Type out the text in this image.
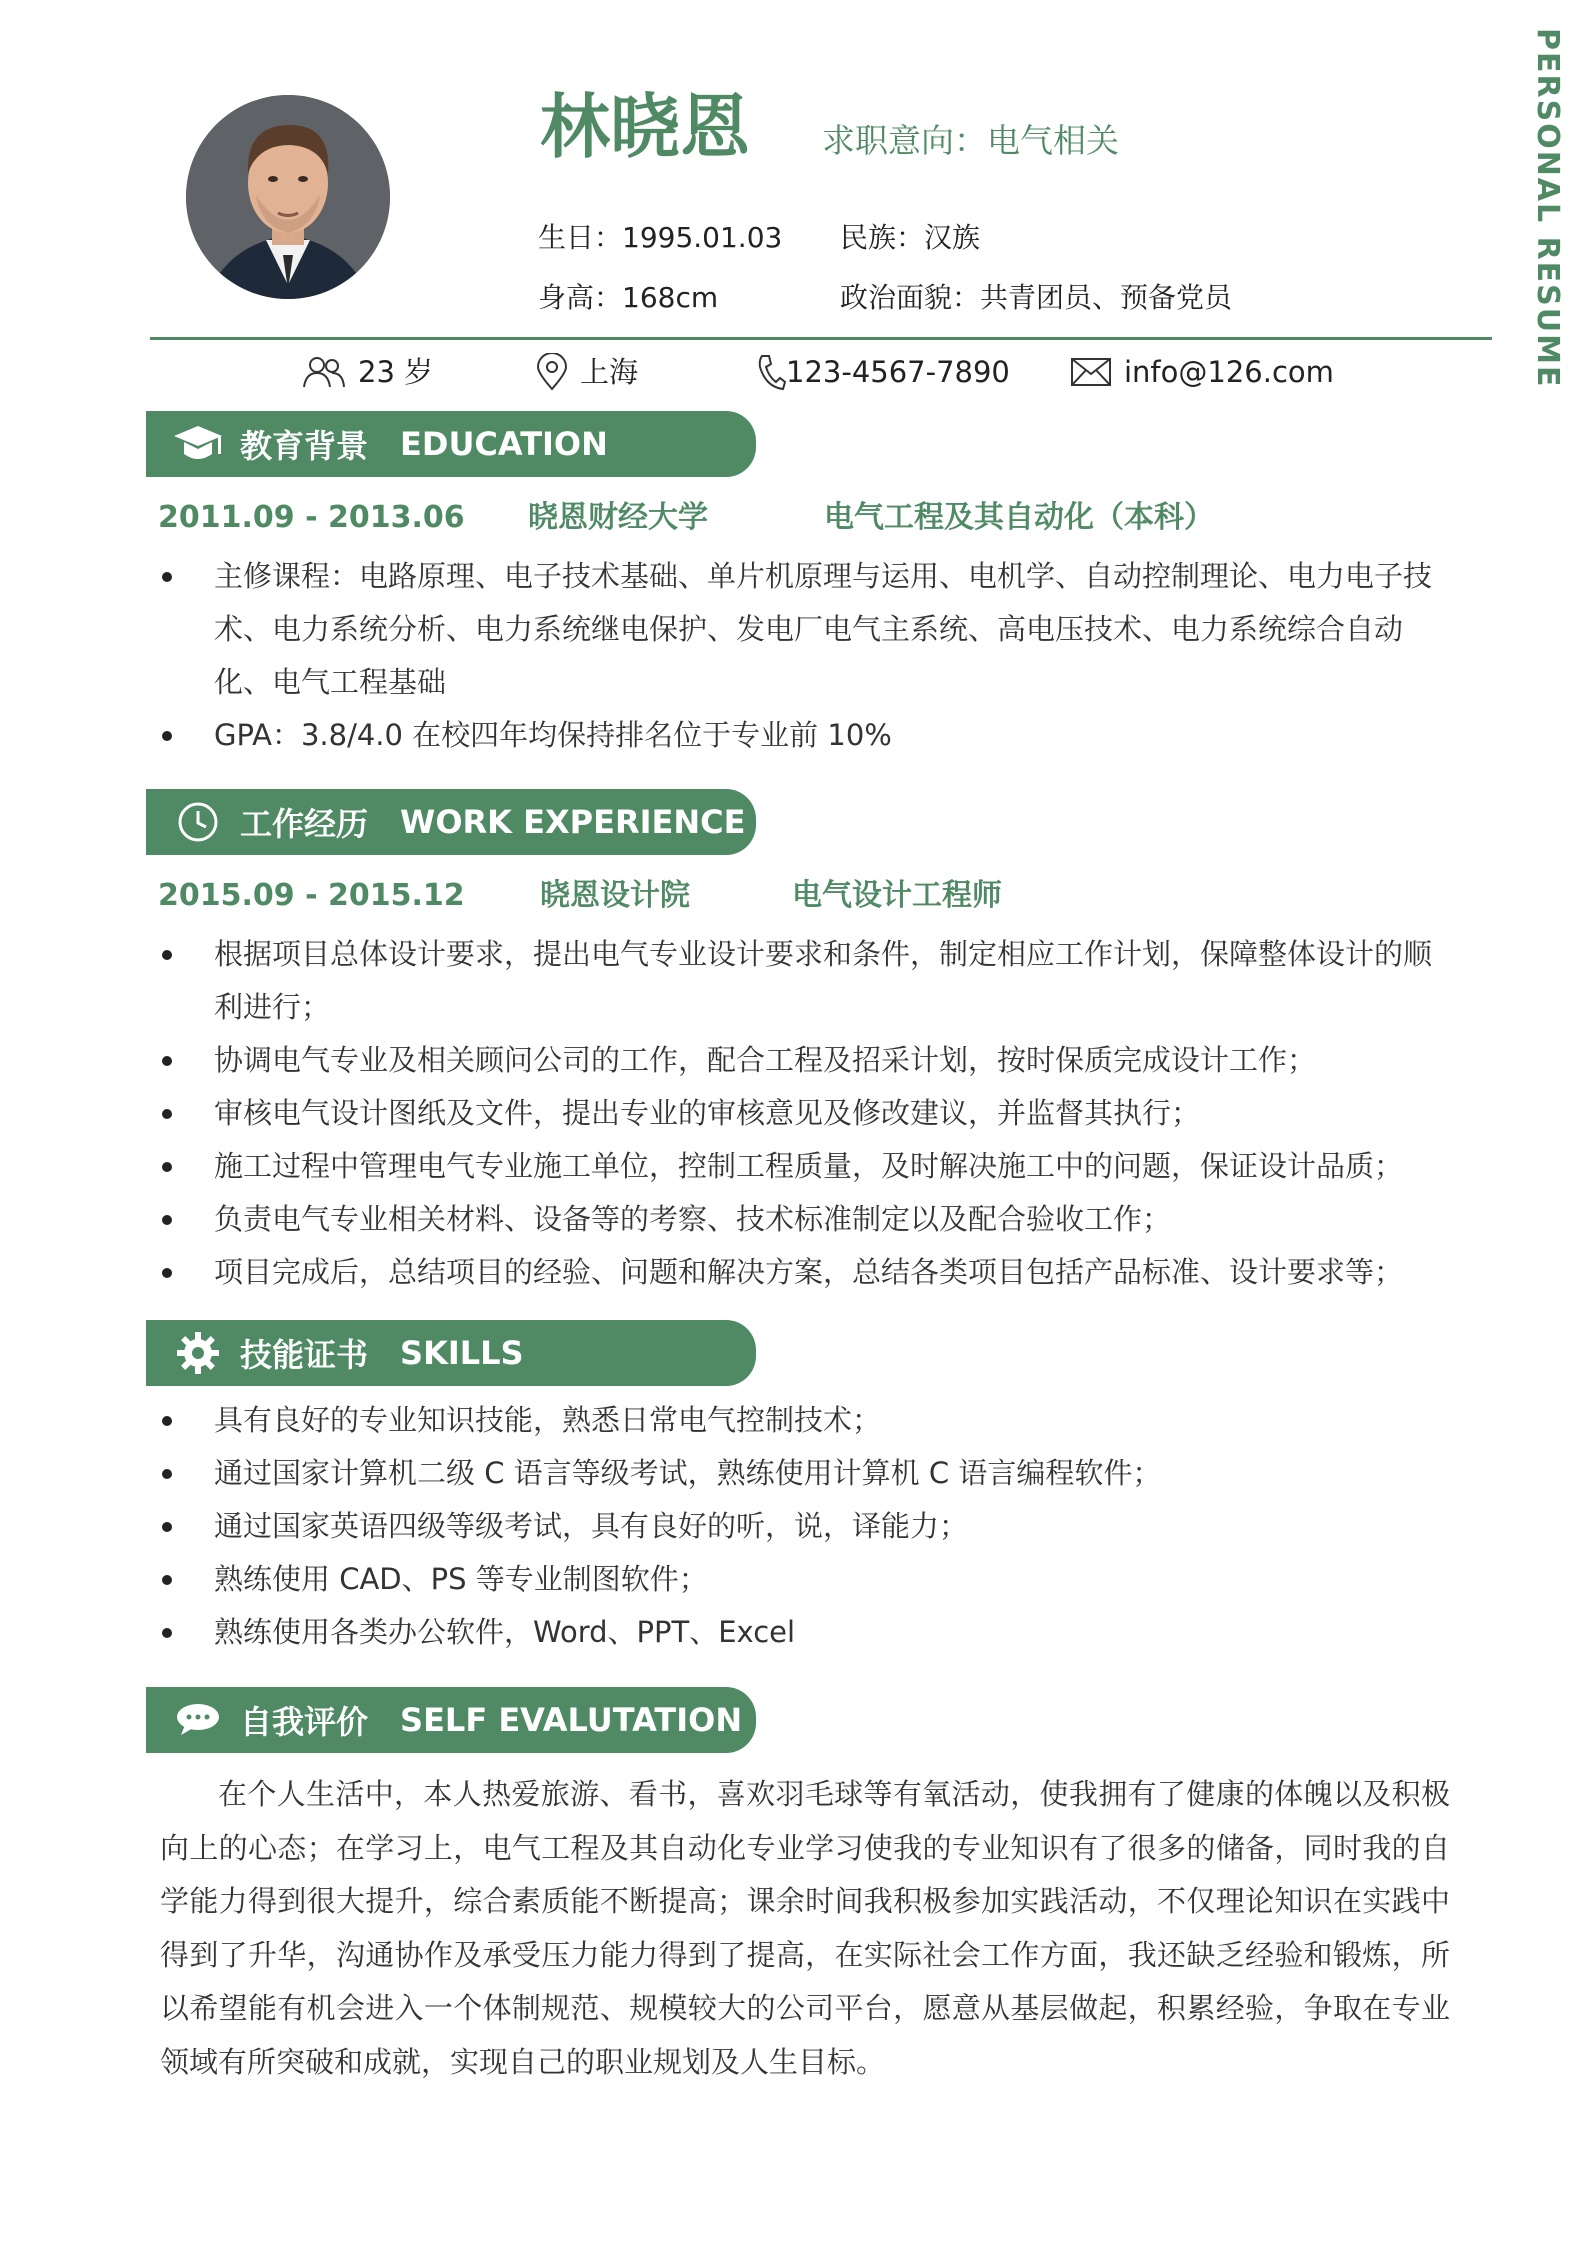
PERSONAL RESUME
林晓恩 求职意向：电气相关
生日：1995.01.03 民族：汉族
身高：168cm	政治面貌：共青团员、预备党员
23 岁	上海	123-4567-7890	info@126.com
教育背景 EDUCATION
2011.09 - 2013.06 晓恩财经大学	电气工程及其自动化（本科）
主修课程：电路原理、电子技术基础、单片机原理与运用、电机学、自动控制理论、电力电子技术、电力系统分析、电力系统继电保护、发电厂电气主系统、高电压技术、电力系统综合自动化、电气工程基础
GPA：3.8/4.0 在校四年均保持排名位于专业前 10%
工作经历 WORK EXPERIENCE
2015.09 - 2015.12	晓恩设计院	电气设计工程师
根据项目总体设计要求，提出电气专业设计要求和条件，制定相应工作计划，保障整体设计的顺利进行；
协调电气专业及相关顾问公司的工作，配合工程及招采计划，按时保质完成设计工作；
审核电气设计图纸及文件，提出专业的审核意见及修改建议，并监督其执行；
施工过程中管理电气专业施工单位，控制工程质量，及时解决施工中的问题，保证设计品质；
负责电气专业相关材料、设备等的考察、技术标准制定以及配合验收工作；
项目完成后，总结项目的经验、问题和解决方案，总结各类项目包括产品标准、设计要求等；
技能证书 SKILLS
具有良好的专业知识技能，熟悉日常电气控制技术；
通过国家计算机二级 C 语言等级考试，熟练使用计算机 C 语言编程软件；
通过国家英语四级等级考试，具有良好的听，说，译能力；
熟练使用 CAD、PS 等专业制图软件；
熟练使用各类办公软件，Word、PPT、Excel
自我评价 SELF EVALUTATION
在个人生活中，本人热爱旅游、看书，喜欢羽毛球等有氧活动，使我拥有了健康的体魄以及积极向上的心态；在学习上，电气工程及其自动化专业学习使我的专业知识有了很多的储备，同时我的自学能力得到很大提升，综合素质能不断提高；课余时间我积极参加实践活动，不仅理论知识在实践中得到了升华，沟通协作及承受压力能力得到了提高，在实际社会工作方面，我还缺乏经验和锻炼，所以希望能有机会进入一个体制规范、规模较大的公司平台，愿意从基层做起，积累经验，争取在专业领域有所突破和成就，实现自己的职业规划及人生目标。
